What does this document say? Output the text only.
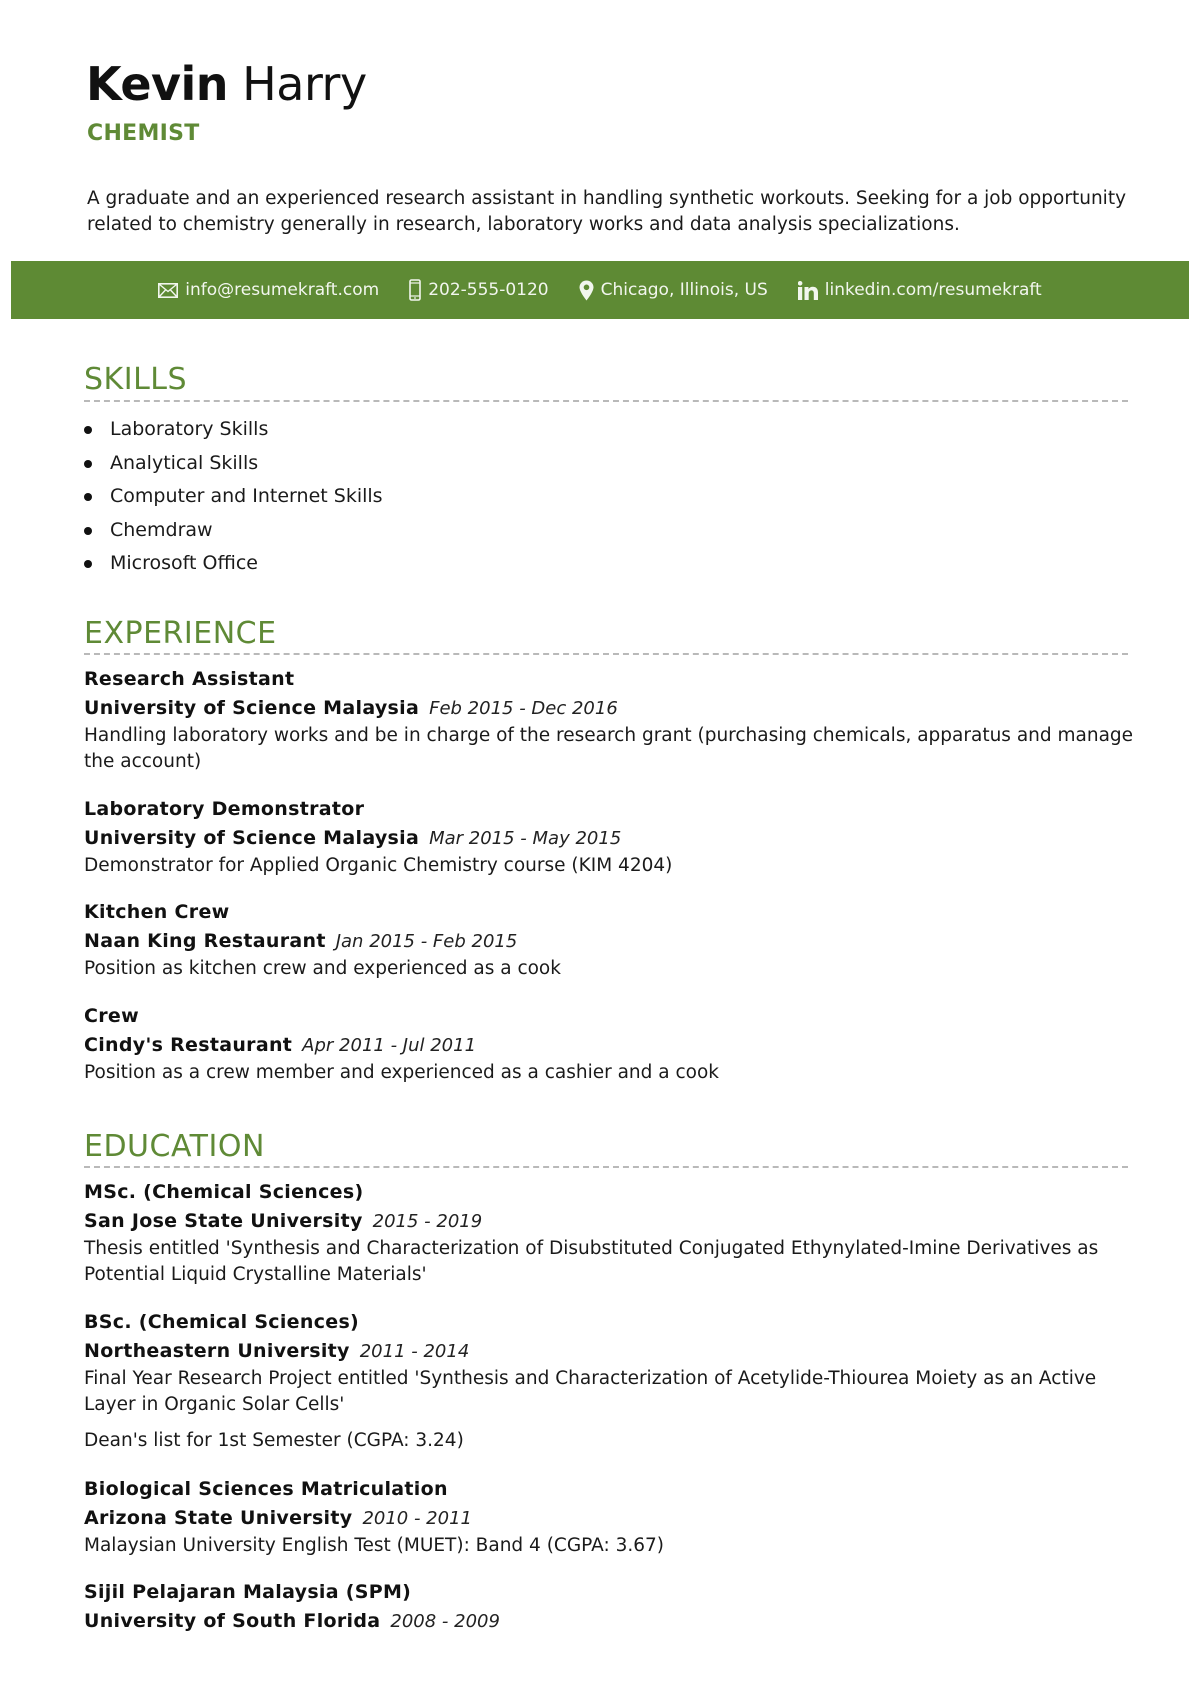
Kevin Harry
CHEMIST
A graduate and an experienced research assistant in handling synthetic workouts. Seeking for a job opportunity related to chemistry generally in research, laboratory works and data analysis specializations.
info@resumekraft.com	202-555-0120	Chicago, Illinois, US	linkedin.com/resumekraft
SKILLS
Laboratory Skills
Analytical Skills
Computer and Internet Skills
Chemdraw
Microsoft Office
EXPERIENCE
Research Assistant
University of Science Malaysia Feb 2015 - Dec 2016
Handling laboratory works and be in charge of the research grant (purchasing chemicals, apparatus and manage the account)
Laboratory Demonstrator
University of Science Malaysia Mar 2015 - May 2015
Demonstrator for Applied Organic Chemistry course (KIM 4204)
Kitchen Crew
Naan King Restaurant Jan 2015 - Feb 2015
Position as kitchen crew and experienced as a cook
Crew
Cindy's Restaurant Apr 2011 - Jul 2011
Position as a crew member and experienced as a cashier and a cook
EDUCATION
MSc. (Chemical Sciences)
San Jose State University 2015 - 2019
Thesis entitled 'Synthesis and Characterization of Disubstituted Conjugated Ethynylated-Imine Derivatives as Potential Liquid Crystalline Materials'
BSc. (Chemical Sciences)
Northeastern University 2011 - 2014
Final Year Research Project entitled 'Synthesis and Characterization of Acetylide-Thiourea Moiety as an Active Layer in Organic Solar Cells'
Dean's list for 1st Semester (CGPA: 3.24)
Biological Sciences Matriculation
Arizona State University 2010 - 2011
Malaysian University English Test (MUET): Band 4 (CGPA: 3.67)
Sijil Pelajaran Malaysia (SPM)
University of South Florida 2008 - 2009
